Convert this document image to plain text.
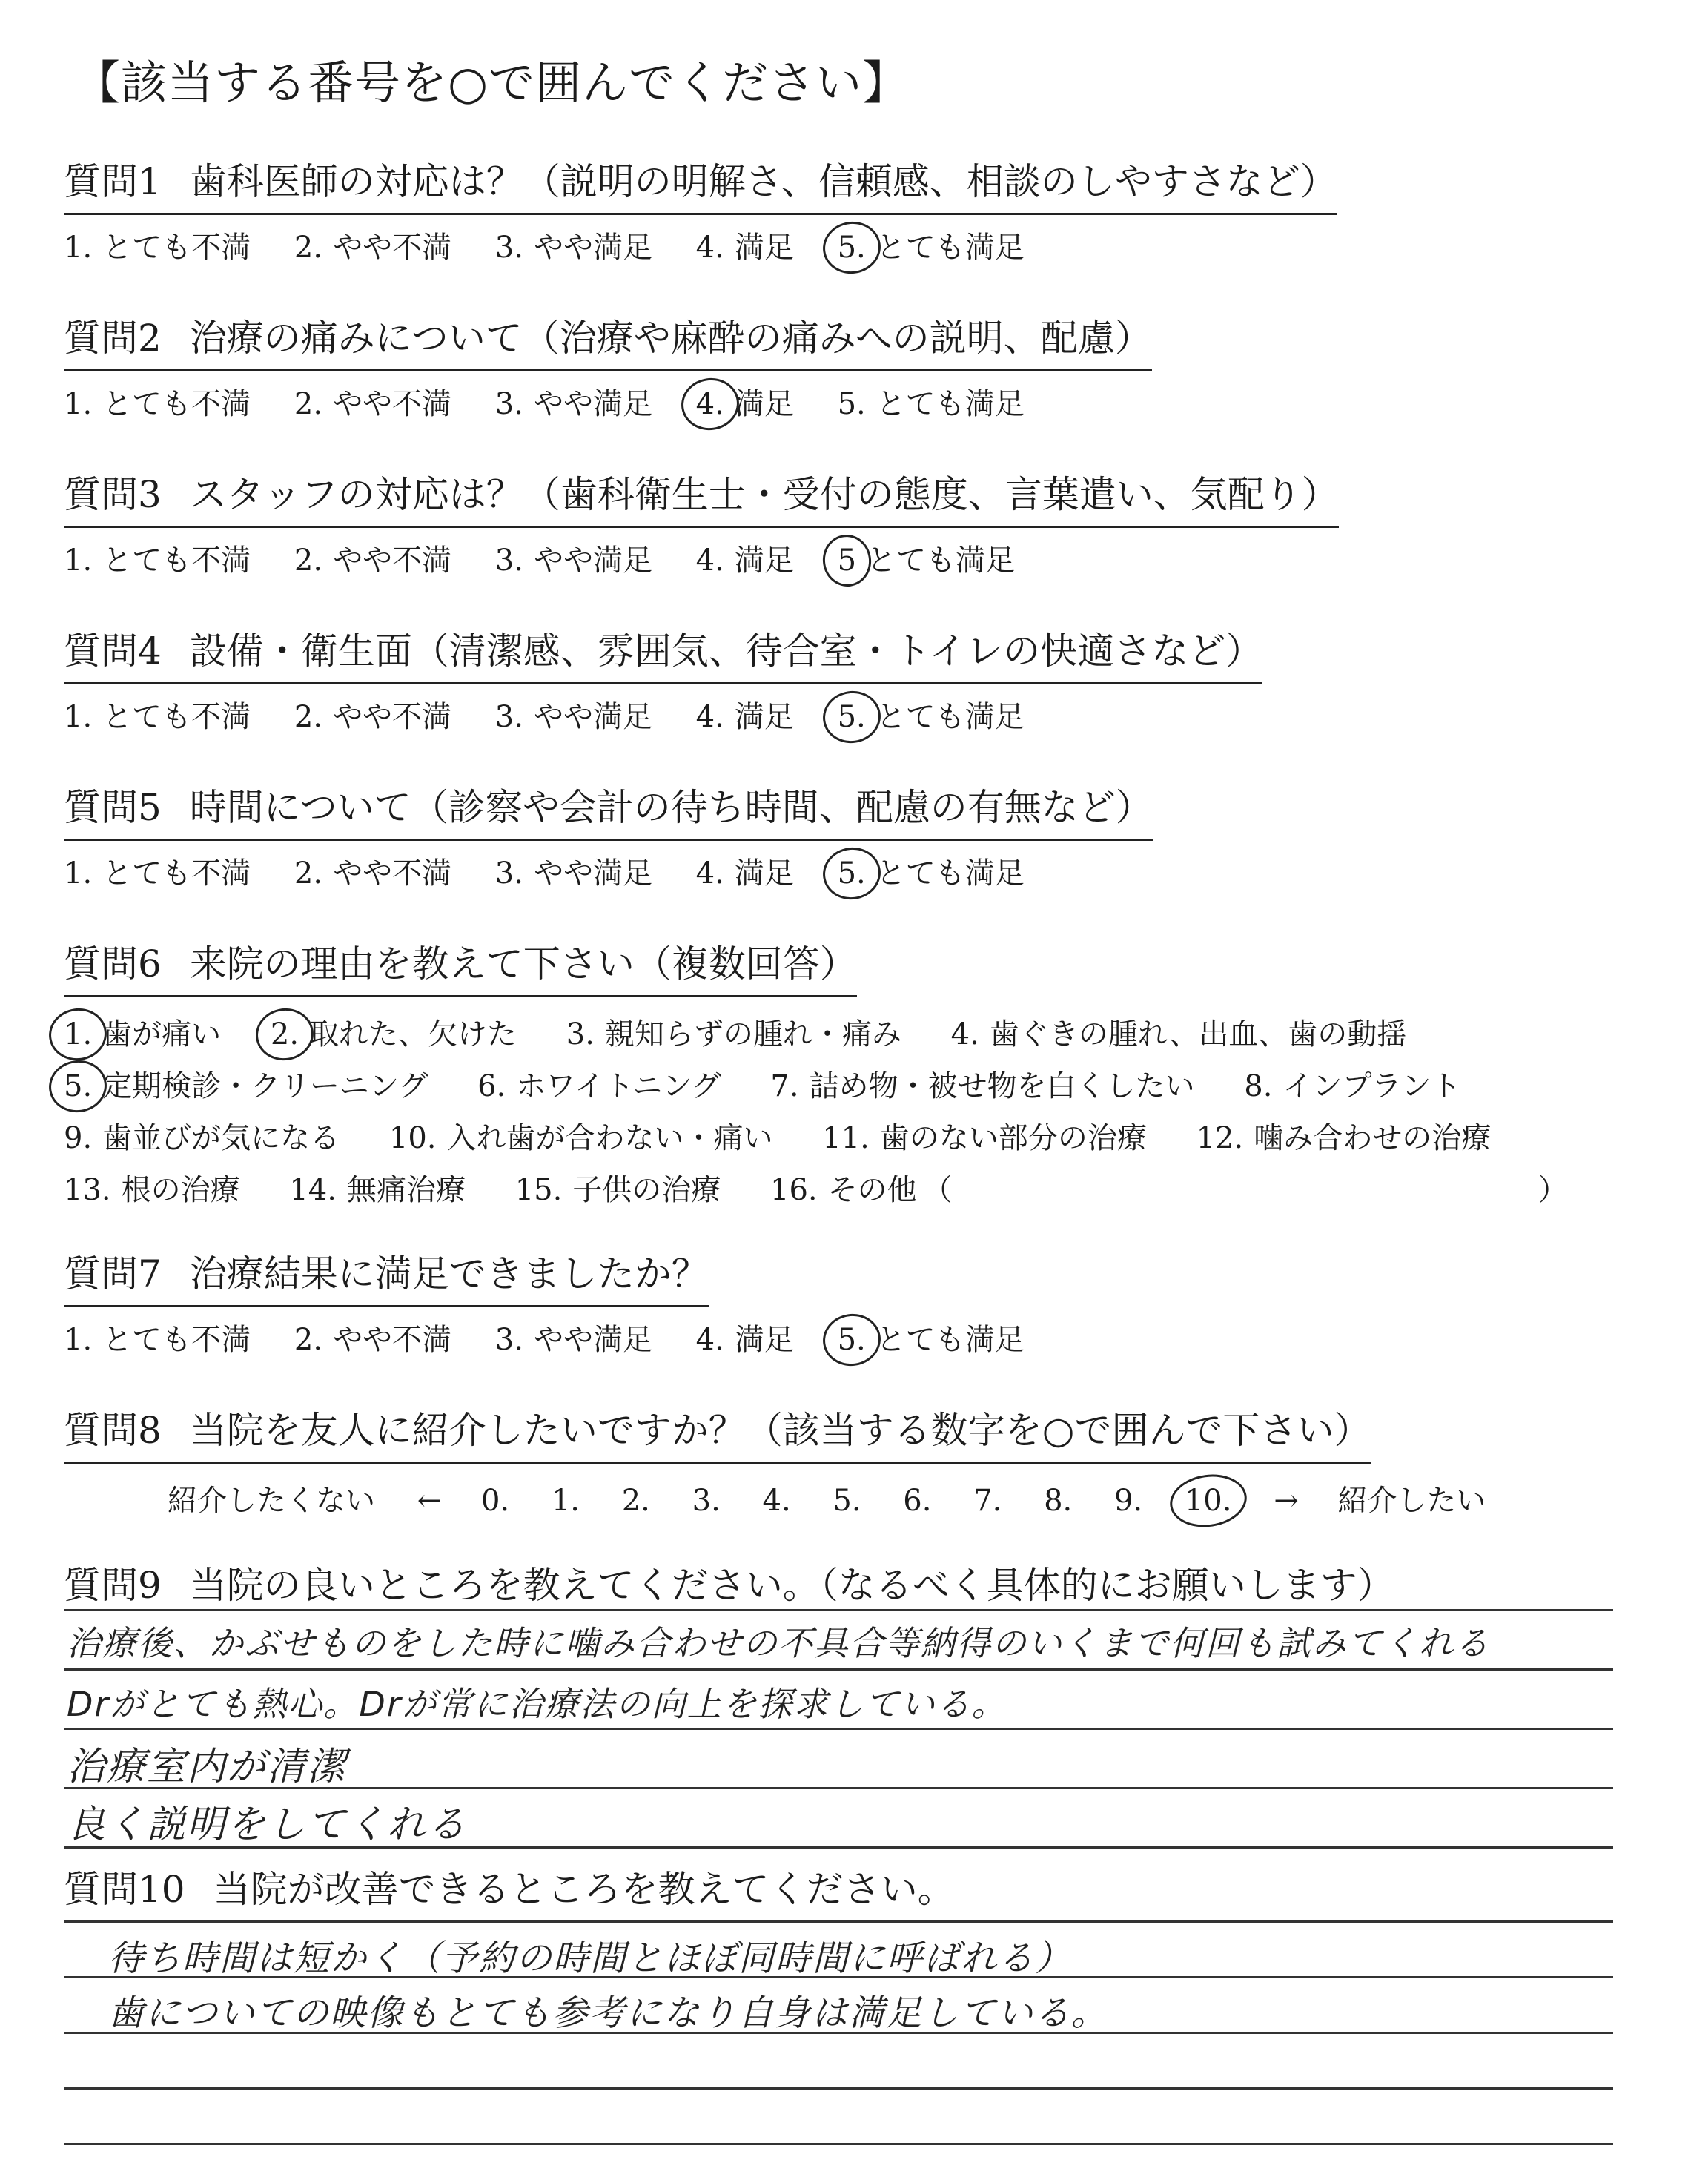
【該当する番号を○で囲んでください】
質問1 歯科医師の対応は？（説明の明解さ、信頼感、相談のしやすさなど）
1. とても不満 2. やや不満 3. やや満足 4. 満足 5. とても満足
質問2 治療の痛みについて（治療や麻酔の痛みへの説明、配慮）
1. とても不満 2. やや不満 3. やや満足 4. 満足 5. とても満足
質問3 スタッフの対応は？（歯科衛生士・受付の態度、言葉遣い、気配り）
1. とても不満 2. やや不満 3. やや満足 4. 満足 5 とても満足
質問4 設備・衛生面（清潔感、雰囲気、待合室・トイレの快適さなど）
1. とても不満 2. やや不満 3. やや満足 4. 満足 5. とても満足
質問5 時間について（診察や会計の待ち時間、配慮の有無など）
1. とても不満 2. やや不満 3. やや満足 4. 満足 5. とても満足
質問6 来院の理由を教えて下さい（複数回答）
1. 歯が痛い 2. 取れた、欠けた 3. 親知らずの腫れ・痛み 4. 歯ぐきの腫れ、出血、歯の動揺
5. 定期検診・クリーニング 6. ホワイトニング 7. 詰め物・被せ物を白くしたい 8. インプラント
9. 歯並びが気になる 10. 入れ歯が合わない・痛い 11. 歯のない部分の治療 12. 噛み合わせの治療
13. 根の治療 14. 無痛治療 15. 子供の治療 16. その他 （	）
質問7 治療結果に満足できましたか？
1. とても不満 2. やや不満 3. やや満足 4. 満足 5. とても満足
質問8 当院を友人に紹介したいですか？（該当する数字を○で囲んで下さい）
紹介したくない ← 0. 1. 2. 3. 4. 5. 6. 7. 8. 9. 10. → 紹介したい
質問9 当院の良いところを教えてください。（なるべく具体的にお願いします）
治療後、かぶせものをした時に噛み合わせの不具合等納得のいくまで何回も試みてくれる
Drがとても熱心。Drが常に治療法の向上を探求している。
治療室内が清潔
良く説明をしてくれる
質問10 当院が改善できるところを教えてください。
待ち時間は短かく（予約の時間とほぼ同時間に呼ばれる）
歯についての映像もとても参考になり自身は満足している。
